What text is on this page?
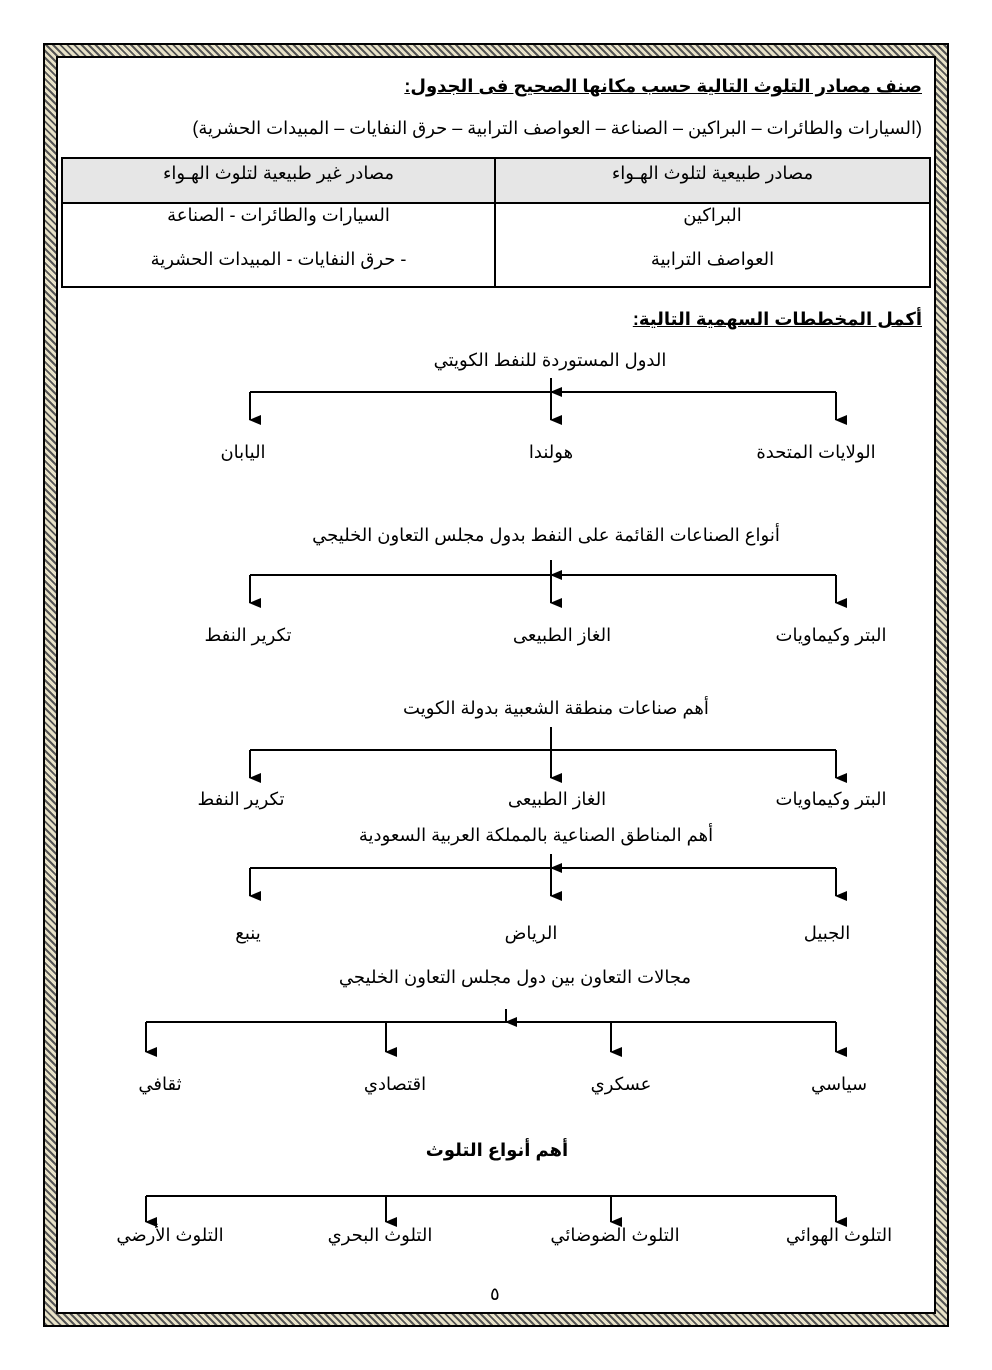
صنف مصادر التلوث التالية حسب مكانها الصحيح فى الجدول:
(السيارات والطائرات – البراكين – الصناعة – العواصف الترابية – حرق النفايات – المبيدات الحشرية)
مصادر طبيعية لتلوث الهـواء
مصادر غير طبيعية لتلوث الهـواء
البراكين
العواصف الترابية
السيارات والطائرات - الصناعة
- حرق النفايات - المبيدات الحشرية
أكمل المخططات السهمية التالية:
الدول المستوردة للنفط الكويتي
الولايات المتحدة
هولندا
اليابان
أنواع الصناعات القائمة على النفط بدول مجلس التعاون الخليجي
البتر وكيماويات
الغاز الطبيعى
تكرير النفط
أهم صناعات منطقة الشعبية بدولة الكويت
البتر وكيماويات
الغاز الطبيعى
تكرير النفط
أهم المناطق الصناعية بالمملكة العربية السعودية
الجبيل
الرياض
ينبع
مجالات التعاون بين دول مجلس التعاون الخليجي
سياسي
عسكري
اقتصادي
ثقافي
أهم أنواع التلوث
التلوث الهوائي
التلوث الضوضائي
التلوث البحري
التلوث الأرضي
٥
